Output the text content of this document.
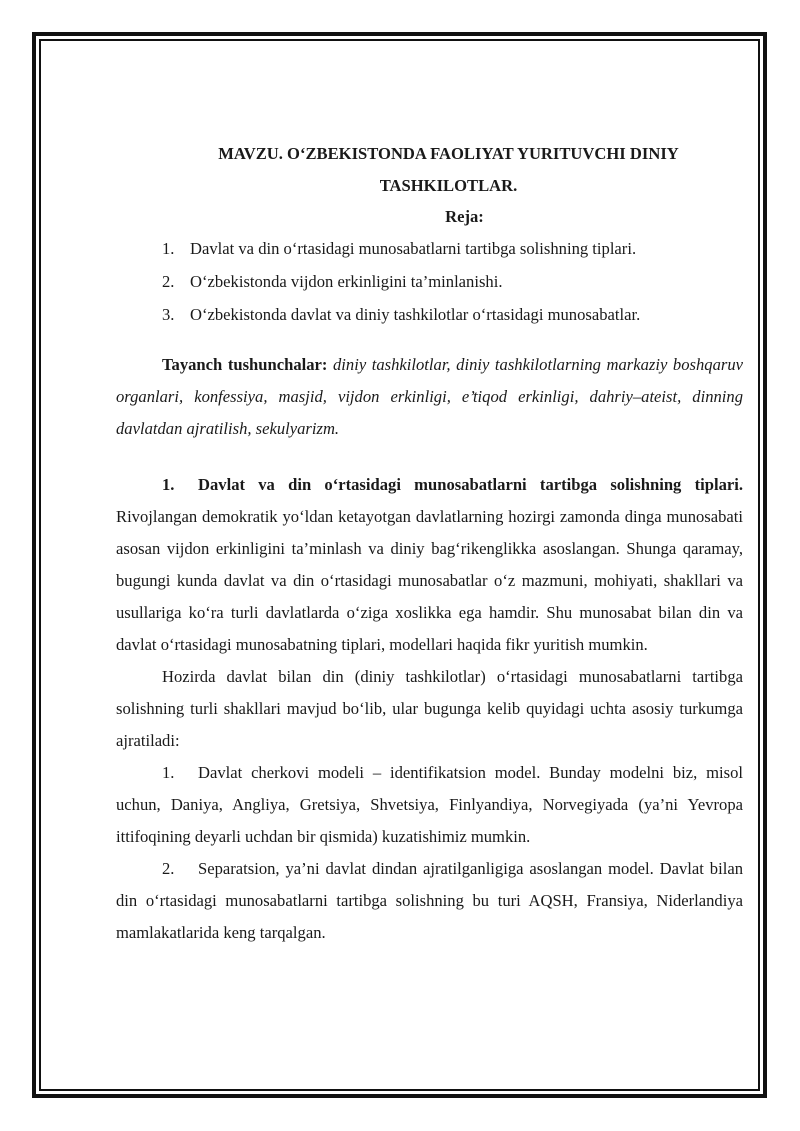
MAVZU. O‘ZBEKISTONDA FAOLIYAT YURITUVCHI DINIY
TASHKILOTLAR.

Reja:

1. Davlat va din o‘rtasidagi munosabatlarni tartibga solishning tiplari.
2. O‘zbekistonda vijdon erkinligini ta’minlanishi.
3. O‘zbekistonda davlat va diniy tashkilotlar o‘rtasidagi munosabatlar.

Tayanch tushunchalar: diniy tashkilotlar, diniy tashkilotlarning markaziy boshqaruv organlari, konfessiya, masjid, vijdon erkinligi, e’tiqod erkinligi, dahriy–ateist, dinning davlatdan ajratilish, sekulyarizm.

1. Davlat va din o‘rtasidagi munosabatlarni tartibga solishning tiplari. Rivojlangan demokratik yo‘ldan ketayotgan davlatlarning hozirgi zamonda dinga munosabati asosan vijdon erkinligini ta’minlash va diniy bag‘rikenglikka asoslangan. Shunga qaramay, bugungi kunda davlat va din o‘rtasidagi munosabatlar o‘z mazmuni, mohiyati, shakllari va usullariga ko‘ra turli davlatlarda o‘ziga xoslikka ega hamdir. Shu munosabat bilan din va davlat o‘rtasidagi munosabatning tiplari, modellari haqida fikr yuritish mumkin.

Hozirda davlat bilan din (diniy tashkilotlar) o‘rtasidagi munosabatlarni tartibga solishning turli shakllari mavjud bo‘lib, ular bugunga kelib quyidagi uchta asosiy turkumga ajratiladi:

1. Davlat cherkovi modeli – identifikatsion model. Bunday modelni biz, misol uchun, Daniya, Angliya, Gretsiya, Shvetsiya, Finlyandiya, Norvegiyada (ya’ni Yevropa ittifoqining deyarli uchdan bir qismida) kuzatishimiz mumkin.

2. Separatsion, ya’ni davlat dindan ajratilganligiga asoslangan model. Davlat bilan din o‘rtasidagi munosabatlarni tartibga solishning bu turi AQSH, Fransiya, Niderlandiya mamlakatlarida keng tarqalgan.
